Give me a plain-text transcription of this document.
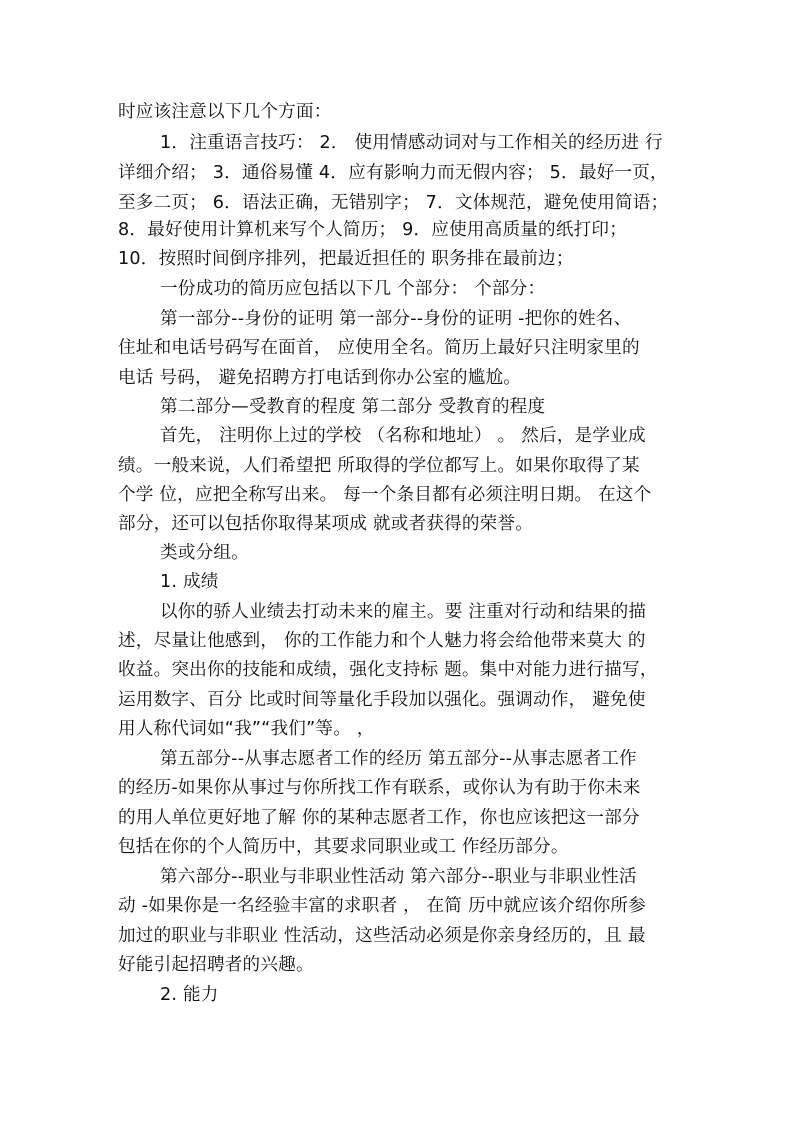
时应该注意以下几个方面：
1．注重语言技巧： 2． 使用情感动词对与工作相关的经历进 行
详细介绍； 3．通俗易懂 4．应有影响力而无假内容； 5．最好一页，
至多二页； 6．语法正确，无错别字； 7．文体规范，避免使用简语；
8．最好使用计算机来写个人简历； 9．应使用高质量的纸打印；
10．按照时间倒序排列，把最近担任的 职务排在最前边；
一份成功的简历应包括以下几 个部分： 个部分：
第一部分--身份的证明 第一部分--身份的证明 -把你的姓名、
住址和电话号码写在面首， 应使用全名。简历上最好只注明家里的
电话 号码， 避免招聘方打电话到你办公室的尴尬。
第二部分—受教育的程度 第二部分 受教育的程度
首先， 注明你上过的学校 （名称和地址） 。 然后，是学业成
绩。一般来说，人们希望把 所取得的学位都写上。如果你取得了某
个学 位，应把全称写出来。 每一个条目都有必须注明日期。 在这个
部分，还可以包括你取得某项成 就或者获得的荣誉。
类或分组。
1. 成绩
以你的骄人业绩去打动未来的雇主。要 注重对行动和结果的描
述，尽量让他感到， 你的工作能力和个人魅力将会给他带来莫大 的
收益。突出你的技能和成绩，强化支持标 题。集中对能力进行描写，
运用数字、百分 比或时间等量化手段加以强化。强调动作， 避免使
用人称代词如“我”“我们”等。 ，
第五部分--从事志愿者工作的经历 第五部分--从事志愿者工作
的经历-如果你从事过与你所找工作有联系，或你认为有助于你未来
的用人单位更好地了解 你的某种志愿者工作，你也应该把这一部分
包括在你的个人简历中，其要求同职业或工 作经历部分。
第六部分--职业与非职业性活动 第六部分--职业与非职业性活
动 -如果你是一名经验丰富的求职者 ， 在简 历中就应该介绍你所参
加过的职业与非职业 性活动，这些活动必须是你亲身经历的，且 最
好能引起招聘者的兴趣。
2. 能力
